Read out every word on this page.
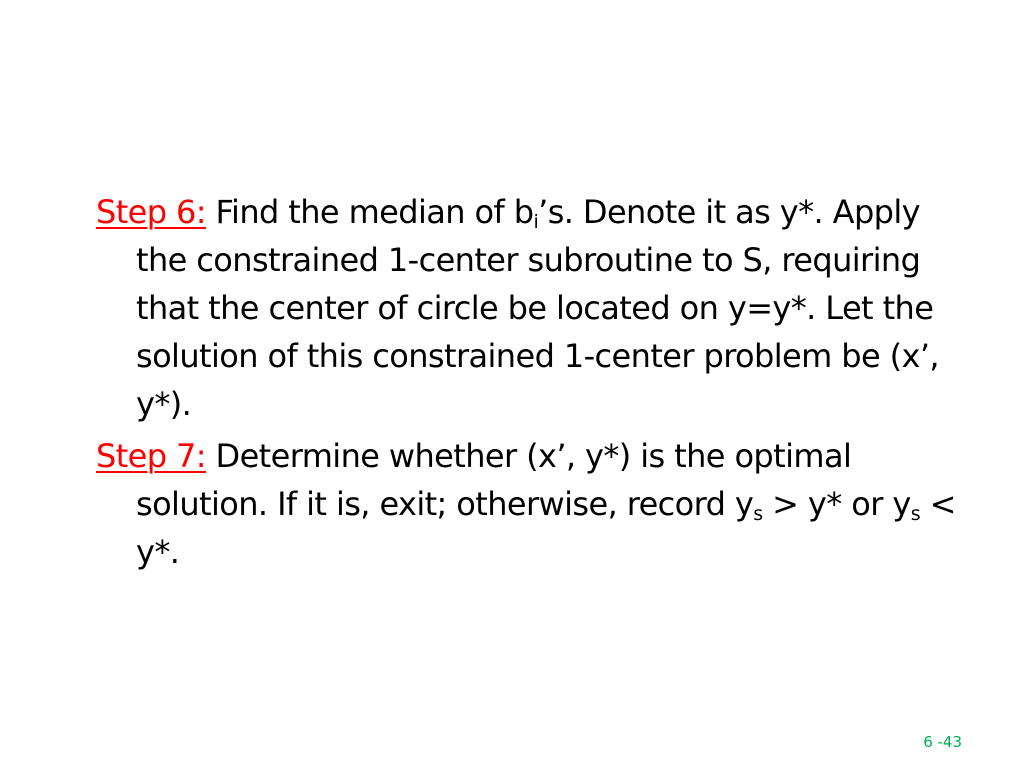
Step 6: Find the median of $b_i’s$. Denote it as y*. Apply the constrained 1-center subroutine to S, requiring that the center of circle be located on y=y*. Let the solution of this constrained 1-center problem be (x’, y*).

Step 7: Determine whether (x’, y*) is the optimal solution. If it is, exit; otherwise, record $y_s > y*$ or $y_s < y*$.

6 -43
